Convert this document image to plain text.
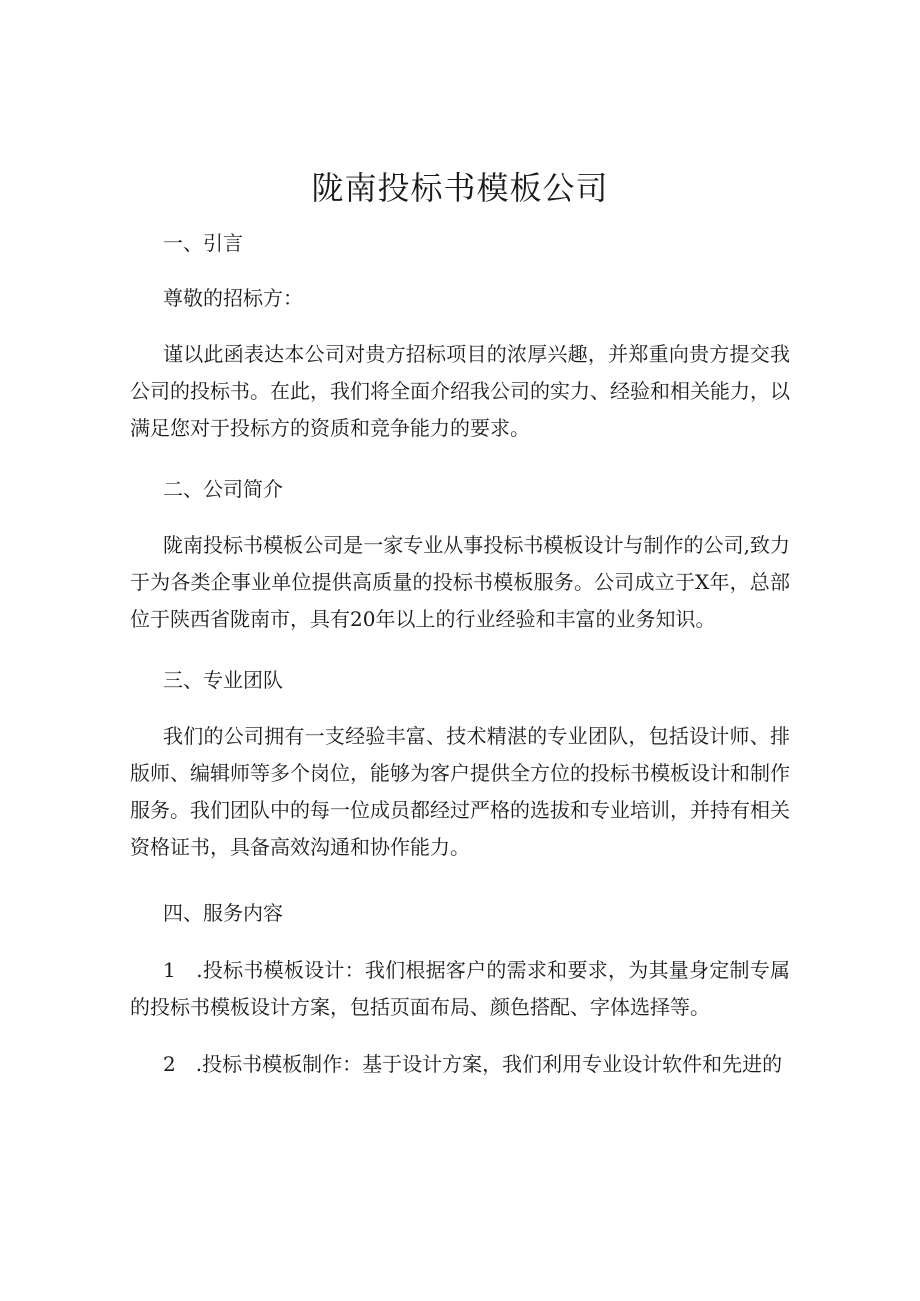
陇南投标书模板公司

一、引言

尊敬的招标方：

谨以此函表达本公司对贵方招标项目的浓厚兴趣，并郑重向贵方提交我公司的投标书。在此，我们将全面介绍我公司的实力、经验和相关能力，以满足您对于投标方的资质和竞争能力的要求。

二、公司简介

陇南投标书模板公司是一家专业从事投标书模板设计与制作的公司,致力于为各类企事业单位提供高质量的投标书模板服务。公司成立于X年，总部位于陕西省陇南市，具有20年以上的行业经验和丰富的业务知识。

三、专业团队

我们的公司拥有一支经验丰富、技术精湛的专业团队，包括设计师、排版师、编辑师等多个岗位，能够为客户提供全方位的投标书模板设计和制作服务。我们团队中的每一位成员都经过严格的选拔和专业培训，并持有相关资格证书，具备高效沟通和协作能力。

四、服务内容

1　.投标书模板设计：我们根据客户的需求和要求，为其量身定制专属的投标书模板设计方案，包括页面布局、颜色搭配、字体选择等。

2　.投标书模板制作：基于设计方案，我们利用专业设计软件和先进的
